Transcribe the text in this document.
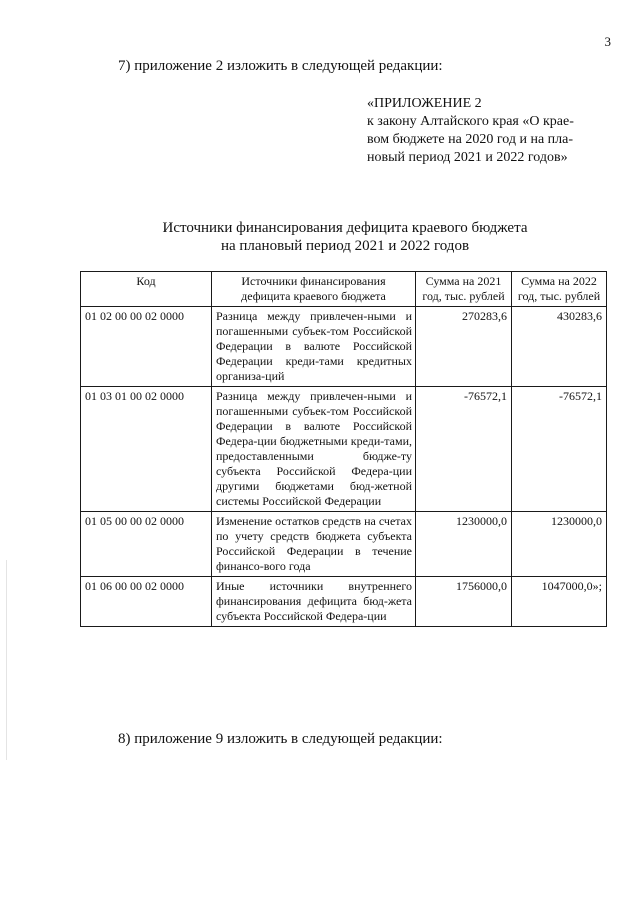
3
7) приложение 2 изложить в следующей редакции:
«ПРИЛОЖЕНИЕ 2
к закону Алтайского края «О крае-
вом бюджете на 2020 год и на пла-
новый период 2021 и 2022 годов»
Источники финансирования дефицита краевого бюджета
на плановый период 2021 и 2022 годов
Код	Источники финансирования дефицита краевого бюджета	Сумма на 2021 год, тыс. рублей	Сумма на 2022 год, тыс. рублей
01 02 00 00 02 0000	Разница между привлечен-ными и погашенными субъек-том Российской Федерации в валюте Российской Федерации креди-тами кредитных организа-ций	270283,6	430283,6
01 03 01 00 02 0000	Разница между привлечен-ными и погашенными субъек-том Российской Федерации в валюте Российской Федера-ции бюджетными креди-тами, предоставленными бюдже-ту субъекта Российской Федера-ции другими бюджетами бюд-жетной системы Российской Федерации	-76572,1	-76572,1
01 05 00 00 02 0000	Изменение остатков средств на счетах по учету средств бюджета субъекта Российской Федерации в течение финансо-вого года	1230000,0	1230000,0
01 06 00 00 02 0000	Иные источники внутреннего финансирования дефицита бюд-жета субъекта Российской Федера-ции	1756000,0	1047000,0»;
8) приложение 9 изложить в следующей редакции:
